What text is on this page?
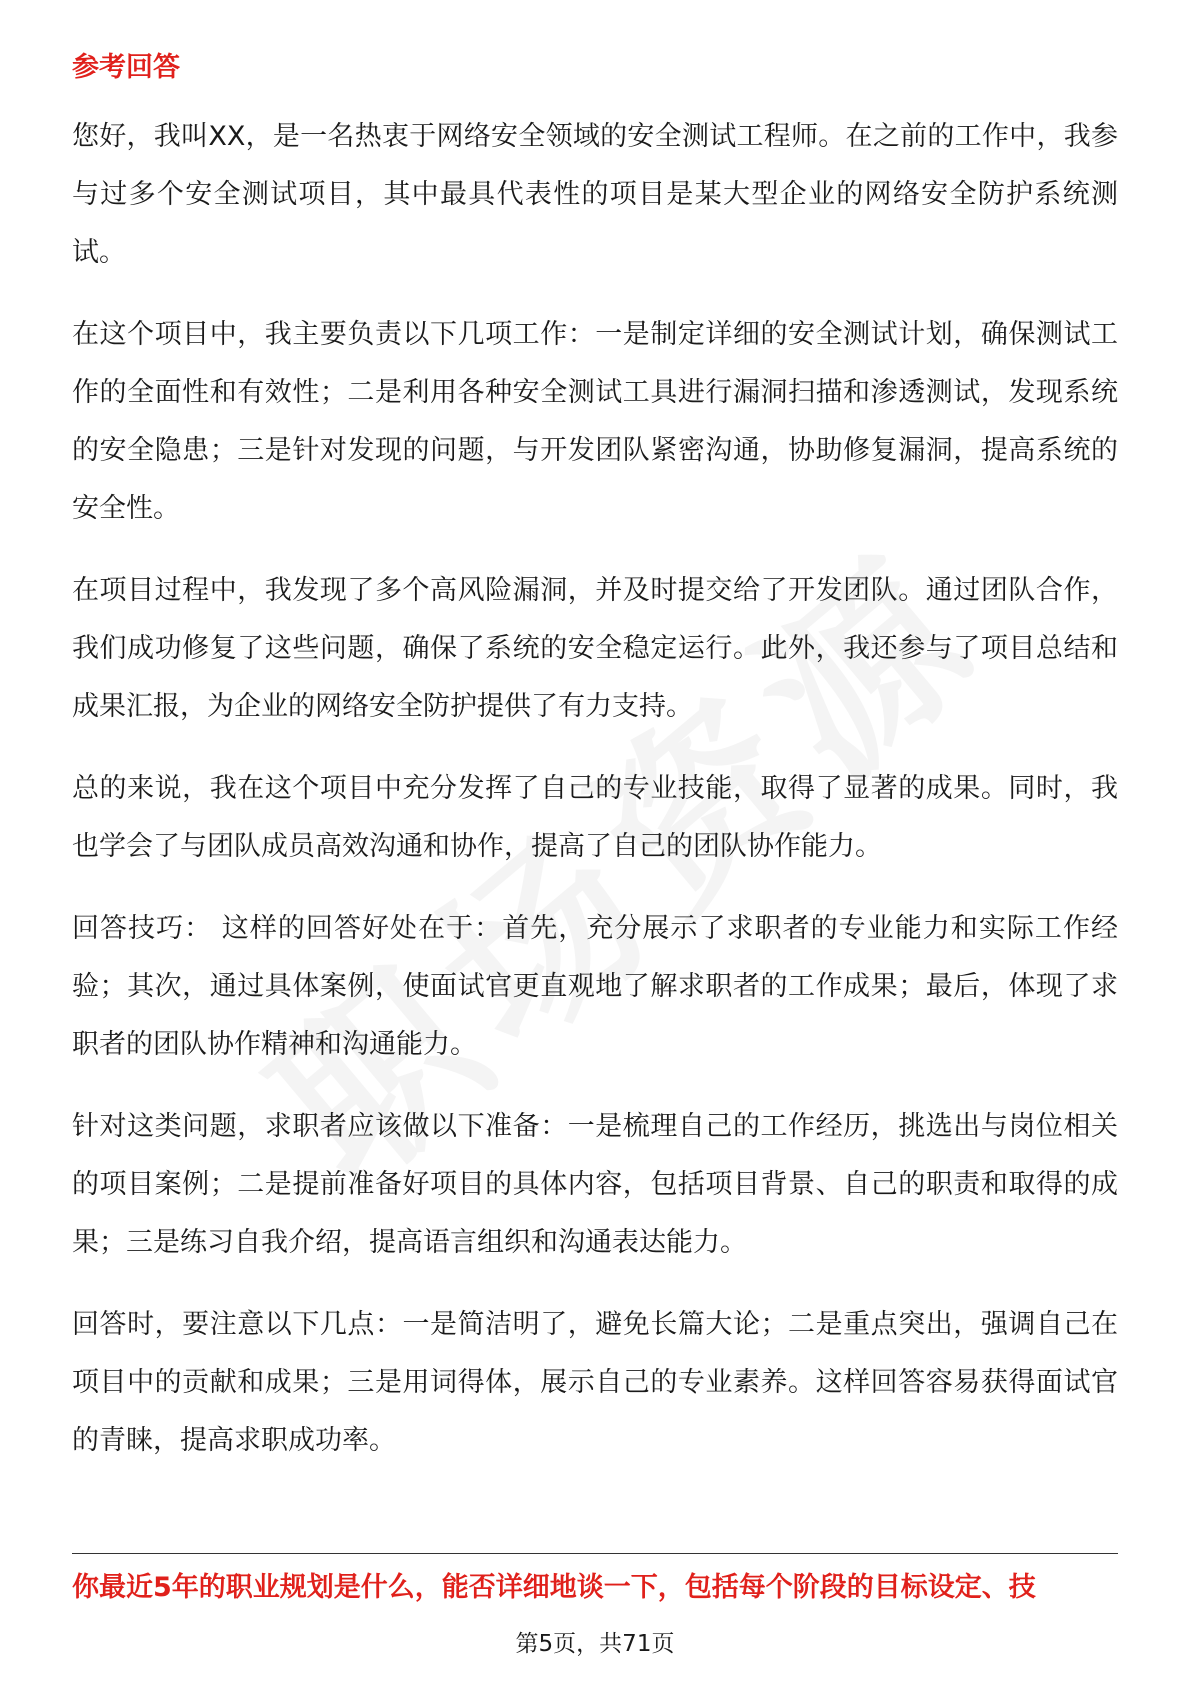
参考回答

您好，我叫XX，是一名热衷于网络安全领域的安全测试工程师。在之前的工作中，我参与过多个安全测试项目，其中最具代表性的项目是某大型企业的网络安全防护系统测试。

在这个项目中，我主要负责以下几项工作：一是制定详细的安全测试计划，确保测试工作的全面性和有效性；二是利用各种安全测试工具进行漏洞扫描和渗透测试，发现系统的安全隐患；三是针对发现的问题，与开发团队紧密沟通，协助修复漏洞，提高系统的安全性。

在项目过程中，我发现了多个高风险漏洞，并及时提交给了开发团队。通过团队合作，我们成功修复了这些问题，确保了系统的安全稳定运行。此外，我还参与了项目总结和成果汇报，为企业的网络安全防护提供了有力支持。

总的来说，我在这个项目中充分发挥了自己的专业技能，取得了显著的成果。同时，我也学会了与团队成员高效沟通和协作，提高了自己的团队协作能力。

回答技巧： 这样的回答好处在于：首先，充分展示了求职者的专业能力和实际工作经验；其次，通过具体案例，使面试官更直观地了解求职者的工作成果；最后，体现了求职者的团队协作精神和沟通能力。

针对这类问题，求职者应该做以下准备：一是梳理自己的工作经历，挑选出与岗位相关的项目案例；二是提前准备好项目的具体内容，包括项目背景、自己的职责和取得的成果；三是练习自我介绍，提高语言组织和沟通表达能力。

回答时，要注意以下几点：一是简洁明了，避免长篇大论；二是重点突出，强调自己在项目中的贡献和成果；三是用词得体，展示自己的专业素养。这样回答容易获得面试官的青睐，提高求职成功率。

你最近5年的职业规划是什么，能否详细地谈一下，包括每个阶段的目标设定、技
第5页，共71页
